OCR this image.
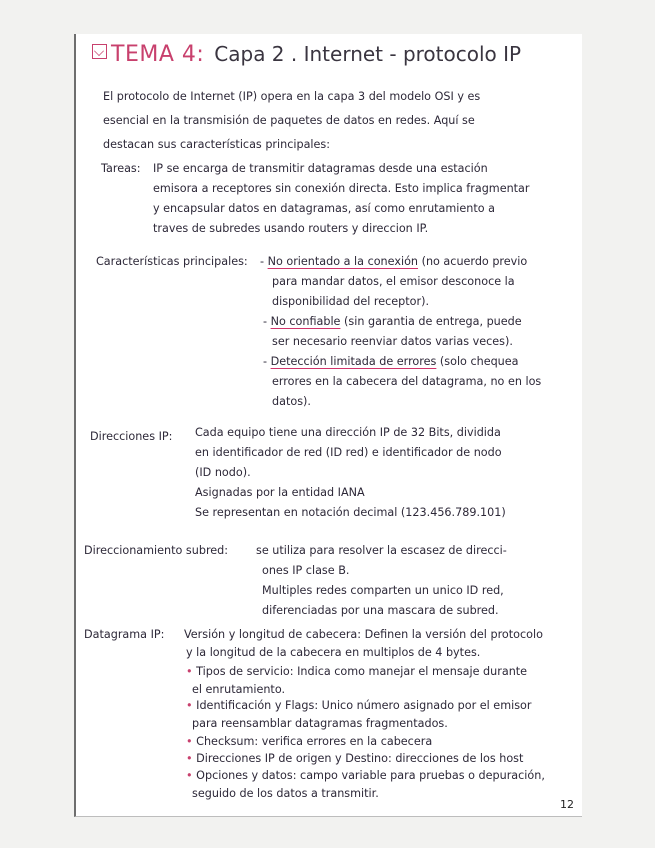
TEMA 4: Capa 2 . Internet - protocolo IP
El protocolo de Internet (IP) opera en la capa 3 del modelo OSI y es
esencial en la transmisión de paquetes de datos en redes. Aquí se
destacan sus características principales:
Tareas: IP se encarga de transmitir datagramas desde una estación
emisora a receptores sin conexión directa. Esto implica fragmentar
y encapsular datos en datagramas, así como enrutamiento a
traves de subredes usando routers y direccion IP.
Características principales: - No orientado a la conexión (no acuerdo previo
para mandar datos, el emisor desconoce la
disponibilidad del receptor).
- No confiable (sin garantia de entrega, puede
ser necesario reenviar datos varias veces).
- Detección limitada de errores (solo chequea
errores en la cabecera del datagrama, no en los
datos).
Direcciones IP: Cada equipo tiene una dirección IP de 32 Bits, dividida
en identificador de red (ID red) e identificador de nodo
(ID nodo).
Asignadas por la entidad IANA
Se representan en notación decimal (123.456.789.101)
Direccionamiento subred: se utiliza para resolver la escasez de direcci-
ones IP clase B.
Multiples redes comparten un unico ID red,
diferenciadas por una mascara de subred.
Datagrama IP: Versión y longitud de cabecera: Definen la versión del protocolo
y la longitud de la cabecera en multiplos de 4 bytes.
• Tipos de servicio: Indica como manejar el mensaje durante
el enrutamiento.
• Identificación y Flags: Unico número asignado por el emisor
para reensamblar datagramas fragmentados.
• Checksum: verifica errores en la cabecera
• Direcciones IP de origen y Destino: direcciones de los host
• Opciones y datos: campo variable para pruebas o depuración,
seguido de los datos a transmitir.
12
